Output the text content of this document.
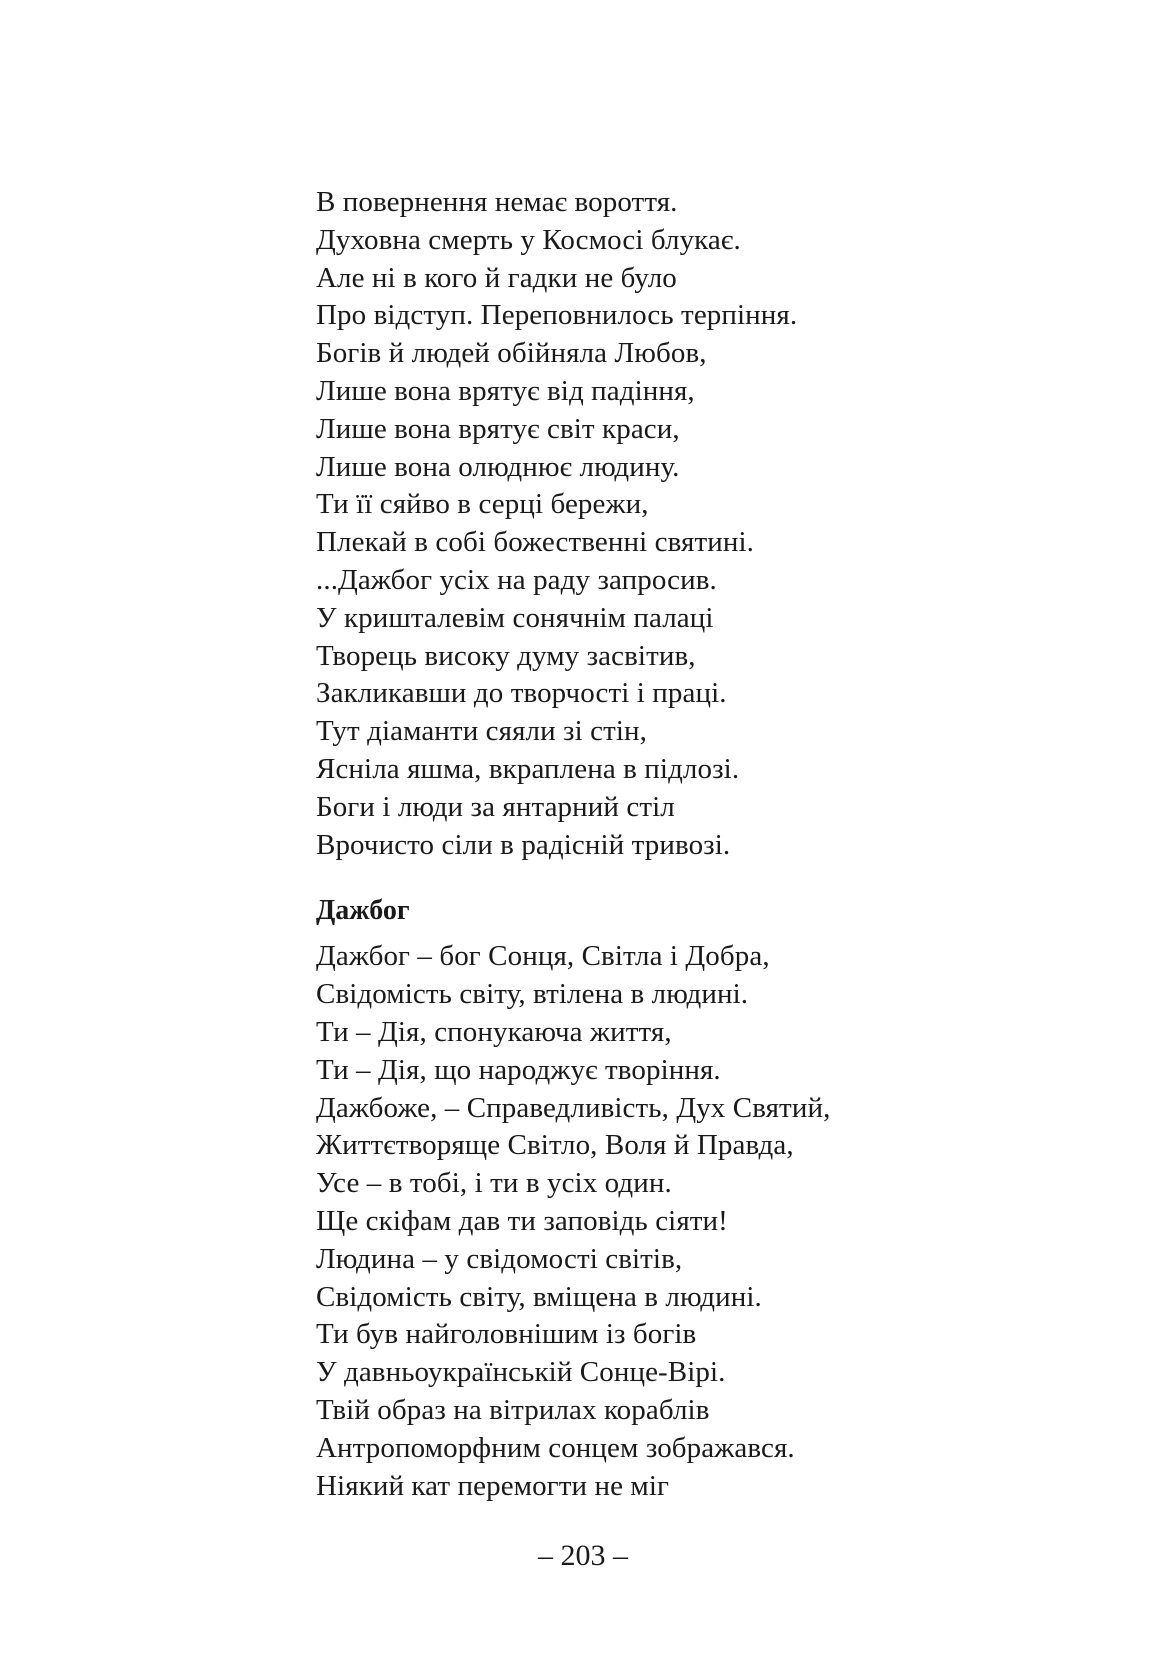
В повернення немає вороття.
Духовна смерть у Космосі блукає.
Але ні в кого й гадки не було
Про відступ. Переповнилось терпіння.
Богів й людей обійняла Любов,
Лише вона врятує від падіння,
Лише вона врятує світ краси,
Лише вона олюднює людину.
Ти її сяйво в серці бережи,
Плекай в собі божественні святині.
...Дажбог усіх на раду запросив.
У кришталевім сонячнім палаці
Творець високу думу засвітив,
Закликавши до творчості і праці.
Тут діаманти сяяли зі стін,
Ясніла яшма, вкраплена в підлозі.
Боги і люди за янтарний стіл
Врочисто сіли в радісній тривозі.
Дажбог
Дажбог – бог Сонця, Світла і Добра,
Свідомість світу, втілена в людині.
Ти – Дія, спонукаюча життя,
Ти – Дія, що народжує творіння.
Дажбоже, – Справедливість, Дух Святий,
Життєтворяще Світло, Воля й Правда,
Усе – в тобі, і ти в усіх один.
Ще скіфам дав ти заповідь сіяти!
Людина – у свідомості світів,
Свідомість світу, вміщена в людині.
Ти був найголовнішим із богів
У давньоукраїнській Сонце-Вірі.
Твій образ на вітрилах кораблів
Антропоморфним сонцем зображався.
Ніякий кат перемогти не міг
– 203 –
